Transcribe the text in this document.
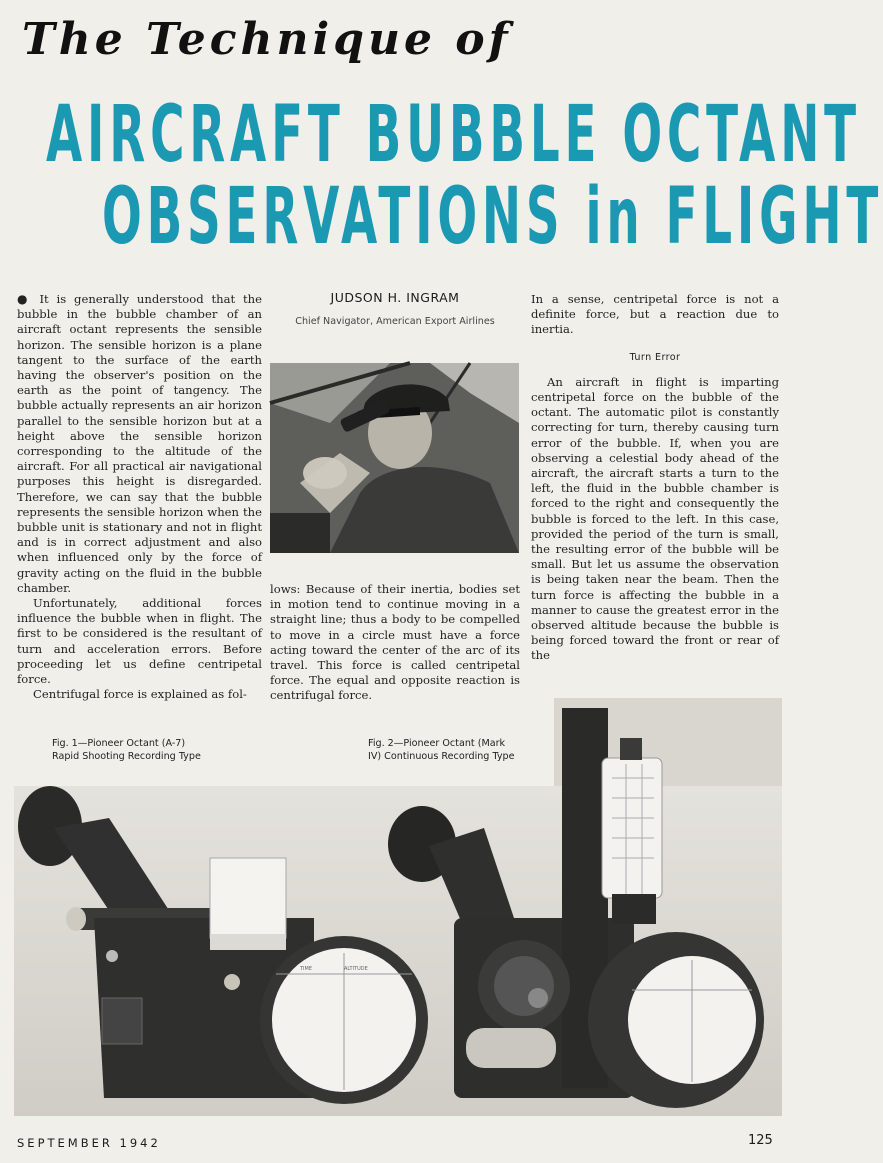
The Technique of
AIRCRAFT BUBBLE OCTANT
OBSERVATIONS in FLIGHT

● It is generally understood that the bubble in the bubble chamber of an aircraft octant represents the sensible horizon. The sensible horizon is a plane tangent to the surface of the earth having the observer's position on the earth as the point of tangency. The bubble actually represents an air horizon parallel to the sensible horizon but at a height above the sensible horizon corresponding to the altitude of the aircraft. For all practical air navigational purposes this height is disregarded. Therefore, we can say that the bubble represents the sensible horizon when the bubble unit is stationary and not in flight and is in correct adjustment and also when influenced only by the force of gravity acting on the fluid in the bubble chamber.

Unfortunately, additional forces influence the bubble when in flight. The first to be considered is the resultant of turn and acceleration errors. Before proceeding let us define centripetal force.

Centrifugal force is explained as fol-

JUDSON H. INGRAM
Chief Navigator, American Export Airlines

lows: Because of their inertia, bodies set in motion tend to continue moving in a straight line; thus a body to be compelled to move in a circle must have a force acting toward the center of the arc of its travel. This force is called centripetal force. The equal and opposite reaction is centrifugal force.

In a sense, centripetal force is not a definite force, but a reaction due to inertia.

Turn Error

An aircraft in flight is imparting centripetal force on the bubble of the octant. The automatic pilot is constantly correcting for turn, thereby causing turn error of the bubble. If, when you are observing a celestial body ahead of the aircraft, the aircraft starts a turn to the left, the fluid in the bubble chamber is forced to the right and consequently the bubble is forced to the left. In this case, provided the period of the turn is small, the resulting error of the bubble will be small. But let us assume the observation is being taken near the beam. Then the turn force is affecting the bubble in a manner to cause the greatest error in the observed altitude because the bubble is being forced toward the front or rear of the

Fig. 1—Pioneer Octant (A-7)
Rapid Shooting Recording Type
Fig. 2—Pioneer Octant (Mark
IV) Continuous Recording Type
TIME	ALTITUDE
SEPTEMBER 1942	125
